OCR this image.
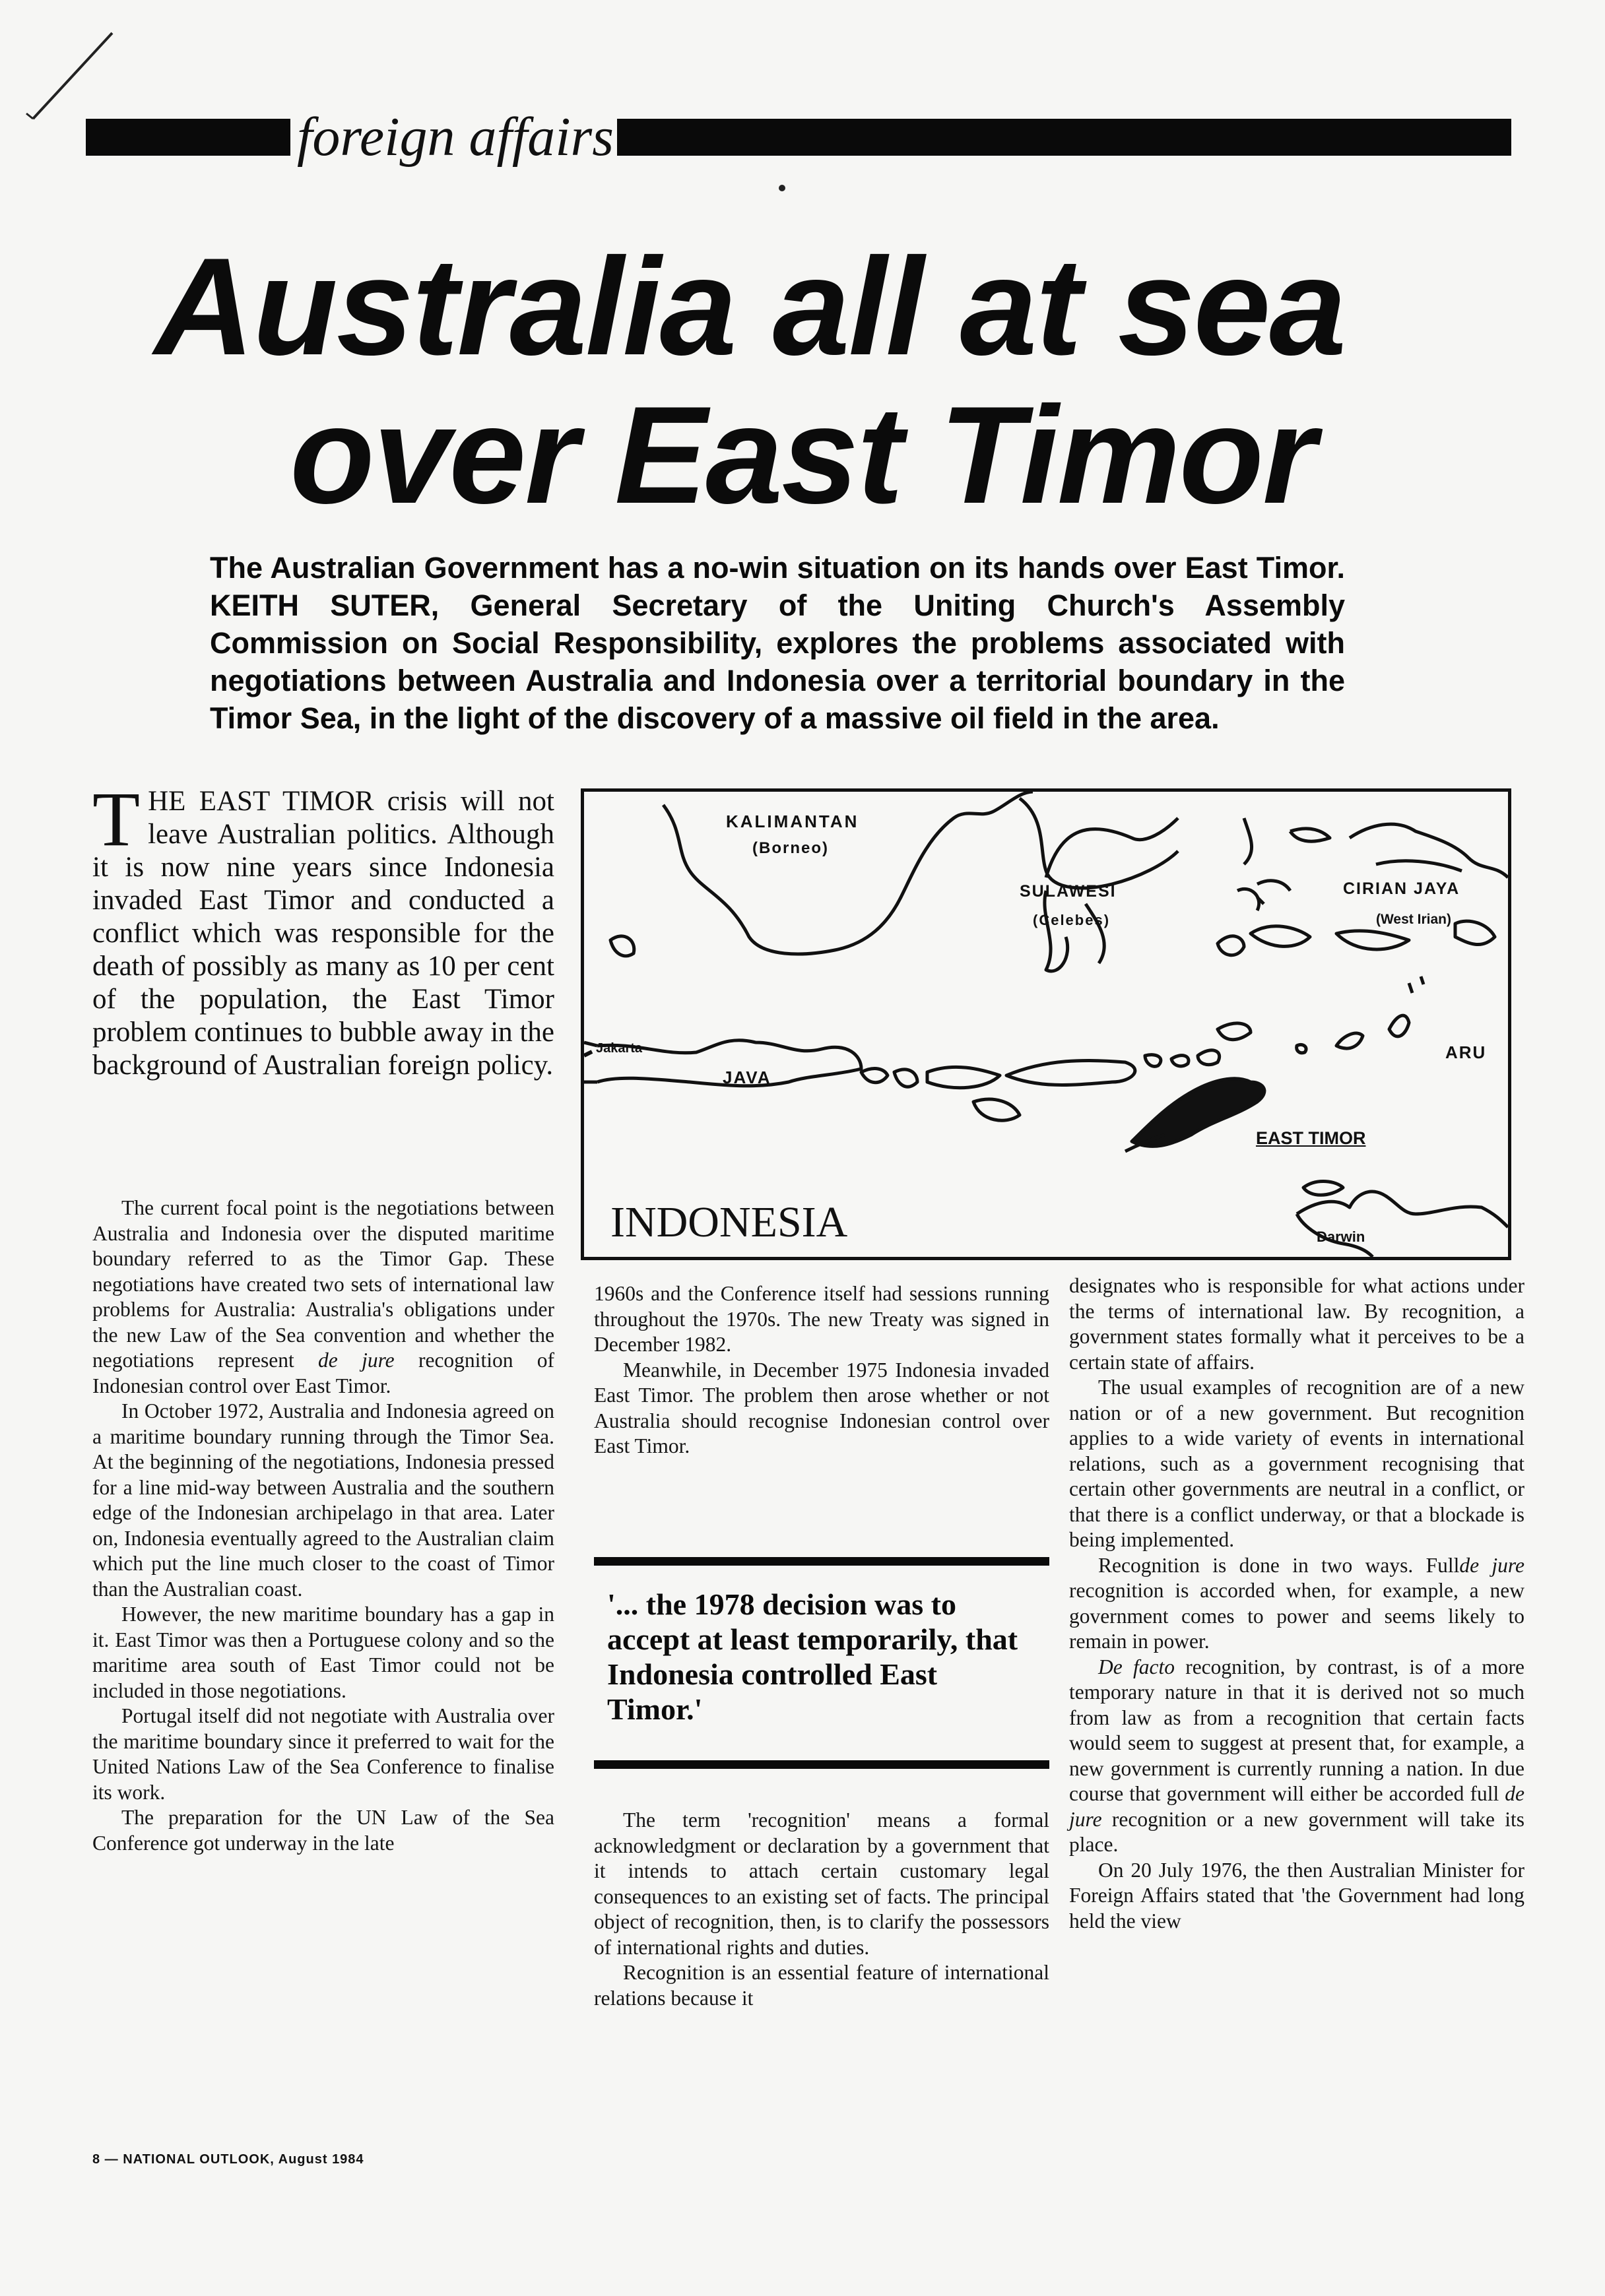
foreign affairs
Australia all at sea
over East Timor
The Australian Government has a no-win situation on its hands over East Timor. KEITH SUTER, General Secretary of the Uniting Church's Assembly Commission on Social Responsibility, explores the problems associated with negotiations between Australia and Indonesia over a territorial boundary in the Timor Sea, in the light of the discovery of a massive oil field in the area.
THE EAST TIMOR crisis will not leave Australian politics. Although it is now nine years since Indonesia invaded East Timor and conducted a conflict which was responsible for the death of possibly as many as 10 per cent of the population, the East Timor problem continues to bubble away in the background of Australian foreign policy.

The current focal point is the negotiations between Australia and Indonesia over the disputed maritime boundary referred to as the Timor Gap. These negotiations have created two sets of international law problems for Australia: Australia's obligations under the new Law of the Sea convention and whether the negotiations represent de jure recognition of Indonesian control over East Timor.

In October 1972, Australia and Indonesia agreed on a maritime boundary running through the Timor Sea. At the beginning of the negotiations, Indonesia pressed for a line mid-way between Australia and the southern edge of the Indonesian archipelago in that area. Later on, Indonesia eventually agreed to the Australian claim which put the line much closer to the coast of Timor than the Australian coast.

However, the new maritime boundary has a gap in it. East Timor was then a Portuguese colony and so the maritime area south of East Timor could not be included in those negotiations.

Portugal itself did not negotiate with Australia over the maritime boundary since it preferred to wait for the United Nations Law of the Sea Conference to finalise its work.

The preparation for the UN Law of the Sea Conference got underway in the late

KALIMANTAN
(Borneo)
SULAWESI
(Celebes)
CIRIAN JAYA
(West Irian)
Jakarta
JAVA
ARU
EAST TIMOR
Darwin
INDONESIA

1960s and the Conference itself had sessions running throughout the 1970s. The new Treaty was signed in December 1982.

Meanwhile, in December 1975 Indonesia invaded East Timor. The problem then arose whether or not Australia should recognise Indonesian control over East Timor.

'... the 1978 decision was to accept at least temporarily, that Indonesia controlled East Timor.'

The term 'recognition' means a formal acknowledgment or declaration by a government that it intends to attach certain customary legal consequences to an existing set of facts. The principal object of recognition, then, is to clarify the possessors of international rights and duties.

Recognition is an essential feature of international relations because it

designates who is responsible for what actions under the terms of international law. By recognition, a government states formally what it perceives to be a certain state of affairs.

The usual examples of recognition are of a new nation or of a new government. But recognition applies to a wide variety of events in international relations, such as a government recognising that certain other governments are neutral in a conflict, or that there is a conflict underway, or that a blockade is being implemented.

Recognition is done in two ways. Fullde jure recognition is accorded when, for example, a new government comes to power and seems likely to remain in power.

De facto recognition, by contrast, is of a more temporary nature in that it is derived not so much from law as from a recognition that certain facts would seem to suggest at present that, for example, a new government is currently running a nation. In due course that government will either be accorded full de jure recognition or a new government will take its place.

On 20 July 1976, the then Australian Minister for Foreign Affairs stated that 'the Government had long held the view

8 — NATIONAL OUTLOOK, August 1984
